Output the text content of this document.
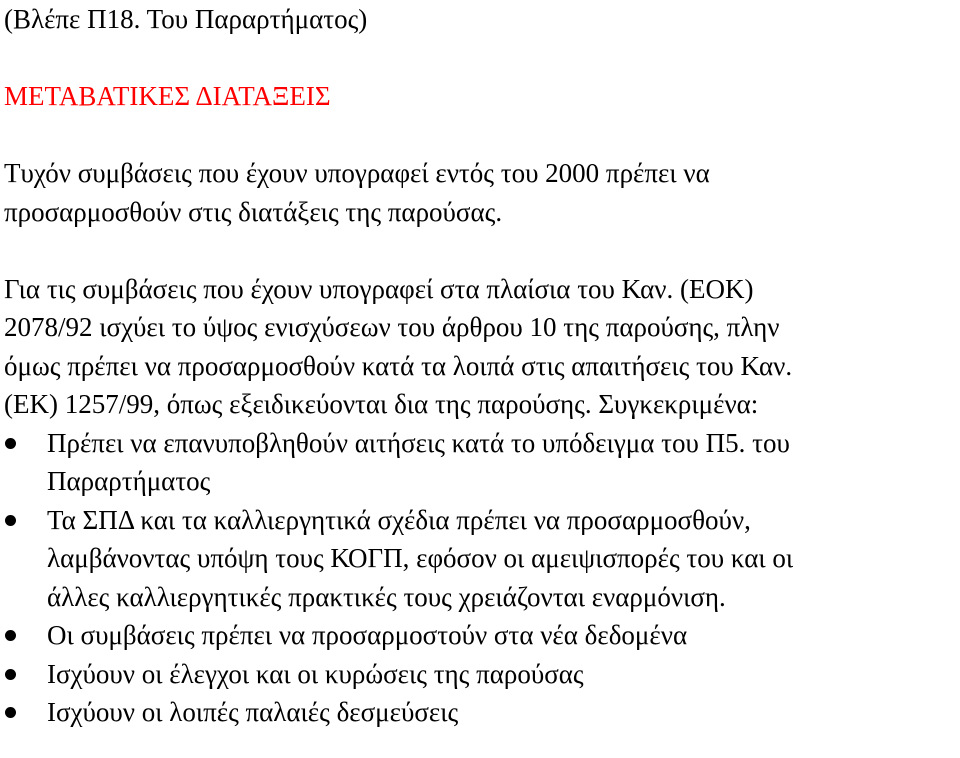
(Βλέπε Π18. Του Παραρτήματος)
ΜΕΤΑΒΑΤΙΚΕΣ ΔΙΑΤΑΞΕΙΣ
Τυχόν συμβάσεις που έχουν υπογραφεί εντός του 2000 πρέπει να
προσαρμοσθούν στις διατάξεις της παρούσας.
Για τις συμβάσεις που έχουν υπογραφεί στα πλαίσια του Καν. (ΕΟΚ)
2078/92 ισχύει το ύψος ενισχύσεων του άρθρου 10 της παρούσης, πλην
όμως πρέπει να προσαρμοσθούν κατά τα λοιπά στις απαιτήσεις του Καν.
(ΕΚ) 1257/99, όπως εξειδικεύονται δια της παρούσης. Συγκεκριμένα:
Πρέπει να επανυποβληθούν αιτήσεις κατά το υπόδειγμα του Π5. του
Παραρτήματος
Τα ΣΠΔ και τα καλλιεργητικά σχέδια πρέπει να προσαρμοσθούν,
λαμβάνοντας υπόψη τους ΚΟΓΠ, εφόσον οι αμειψισπορές του και οι
άλλες καλλιεργητικές πρακτικές τους χρειάζονται εναρμόνιση.
Οι συμβάσεις πρέπει να προσαρμοστούν στα νέα δεδομένα
Ισχύουν οι έλεγχοι και οι κυρώσεις της παρούσας
Ισχύουν οι λοιπές παλαιές δεσμεύσεις
